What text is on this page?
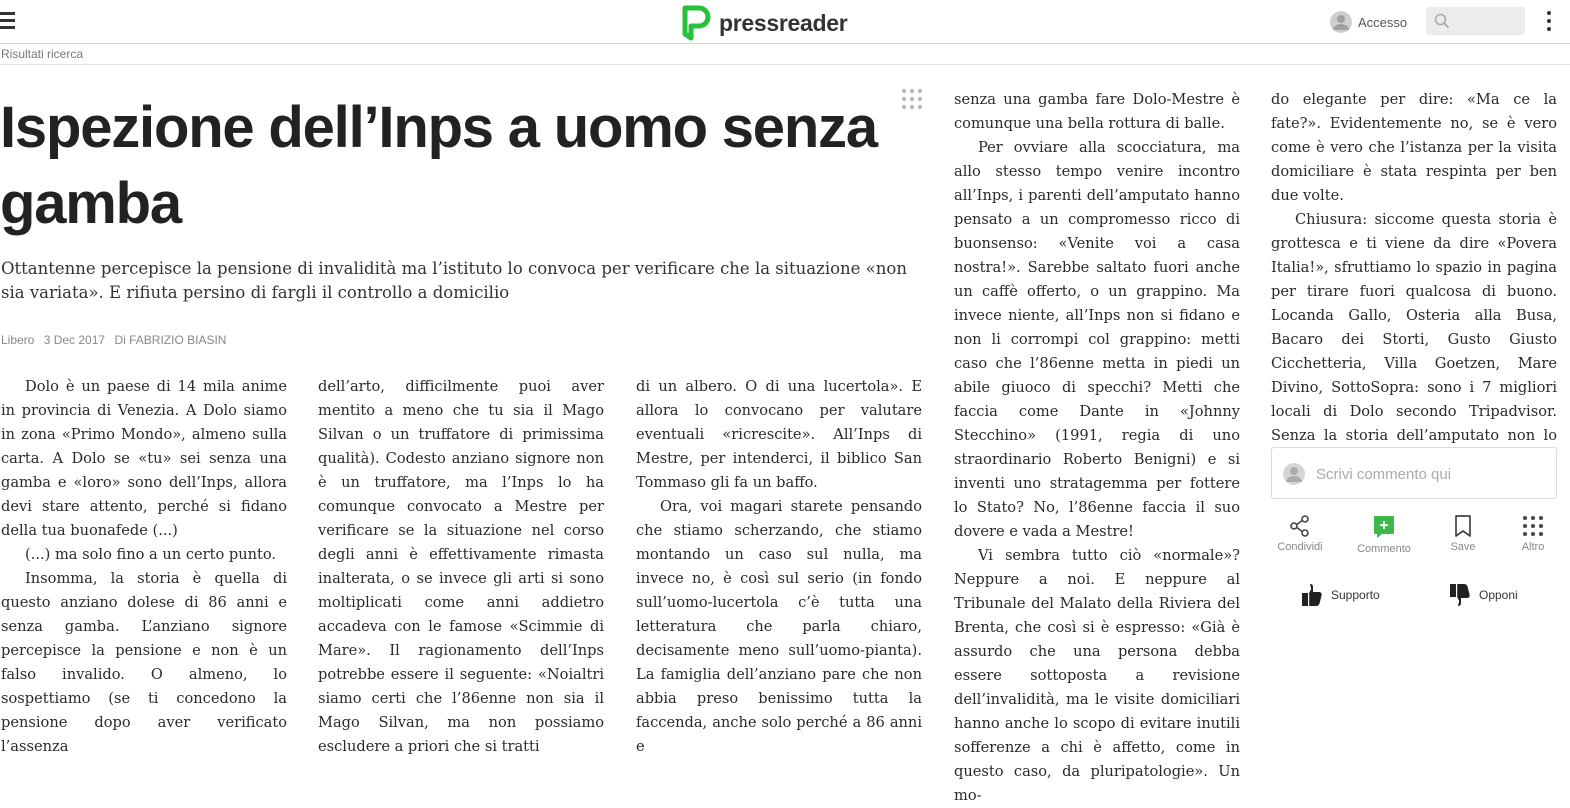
pressreader	Accesso
Risultati ricerca
Ispezione dell’Inps a uomo senza gamba

Ottantenne percepisce la pensione di invalidità ma l’istituto lo convoca per verificare che la situazione «non sia variata». E rifiuta persino di fargli il controllo a domicilio

Libero 3 Dec 2017 Di FABRIZIO BIASIN

Dolo è un paese di 14 mila anime in provincia di Venezia. A Dolo siamo in zona «Primo Mondo», almeno sulla carta. A Dolo se «tu» sei senza una gamba e «loro» sono dell’Inps, allora devi stare attento, perché si fidano della tua buonafede (...)

(...) ma solo fino a un certo punto.

Insomma, la storia è quella di questo anziano dolese di 86 anni e senza gamba. L’anziano signore percepisce la pensione e non è un falso invalido. O almeno, lo sospettiamo (se ti concedono la pensione dopo aver verificato l’assenza

dell’arto, difficilmente puoi aver mentito a meno che tu sia il Mago Silvan o un truffatore di primissima qualità). Codesto anziano signore non è un truffatore, ma l’Inps lo ha comunque convocato a Mestre per verificare se la situazione nel corso degli anni è effettivamente rimasta inalterata, o se invece gli arti si sono moltiplicati come anni addietro accadeva con le famose «Scimmie di Mare». Il ragionamento dell’Inps potrebbe essere il seguente: «Noialtri siamo certi che l’86enne non sia il Mago Silvan, ma non possiamo escludere a priori che si tratti

di un albero. O di una lucertola». E allora lo convocano per valutare eventuali «ricrescite». All’Inps di Mestre, per intenderci, il biblico San Tommaso gli fa un baffo.

Ora, voi magari starete pensando che stiamo scherzando, che stiamo montando un caso sul nulla, ma invece no, è così sul serio (in fondo sull’uomo-lucertola c’è tutta una letteratura che parla chiaro, decisamente meno sull’uomo-pianta). La famiglia dell’anziano pare che non abbia preso benissimo tutta la faccenda, anche solo perché a 86 anni e

senza una gamba fare Dolo-Mestre è comunque una bella rottura di balle.

Per ovviare alla scocciatura, ma allo stesso tempo venire incontro all’Inps, i parenti dell’amputato hanno pensato a un compromesso ricco di buonsenso: «Venite voi a casa nostra!». Sarebbe saltato fuori anche un caffè offerto, o un grappino. Ma invece niente, all’Inps non si fidano e non li corrompi col grappino: metti caso che l’86enne metta in piedi un abile giuoco di specchi? Metti che faccia come Dante in «Johnny Stecchino» (1991, regia di uno straordinario Roberto Benigni) e si inventi uno stratagemma per fottere lo Stato? No, l’86enne faccia il suo dovere e vada a Mestre!

Vi sembra tutto ciò «normale»? Neppure a noi. E neppure al Tribunale del Malato della Riviera del Brenta, che così si è espresso: «Già è assurdo che una persona debba essere sottoposta a revisione dell’invalidità, ma le visite domiciliari hanno anche lo scopo di evitare inutili sofferenze a chi è affetto, come in questo caso, da pluripatologie». Un mo-

do elegante per dire: «Ma ce la fate?». Evidentemente no, se è vero come è vero che l’istanza per la visita domiciliare è stata respinta per ben due volte.

Chiusura: siccome questa storia è grottesca e ti viene da dire «Povera Italia!», sfruttiamo lo spazio in pagina per tirare fuori qualcosa di buono. Locanda Gallo, Osteria alla Busa, Bacaro dei Storti, Gusto Giusto Cicchetteria, Villa Goetzen, Mare Divino, SottoSopra: sono i 7 migliori locali di Dolo secondo Tripadvisor. Senza la storia dell’amputato non lo

Scrivi commento qui
Condividi	Commento	Save	Altro
Supporto	Opponi
